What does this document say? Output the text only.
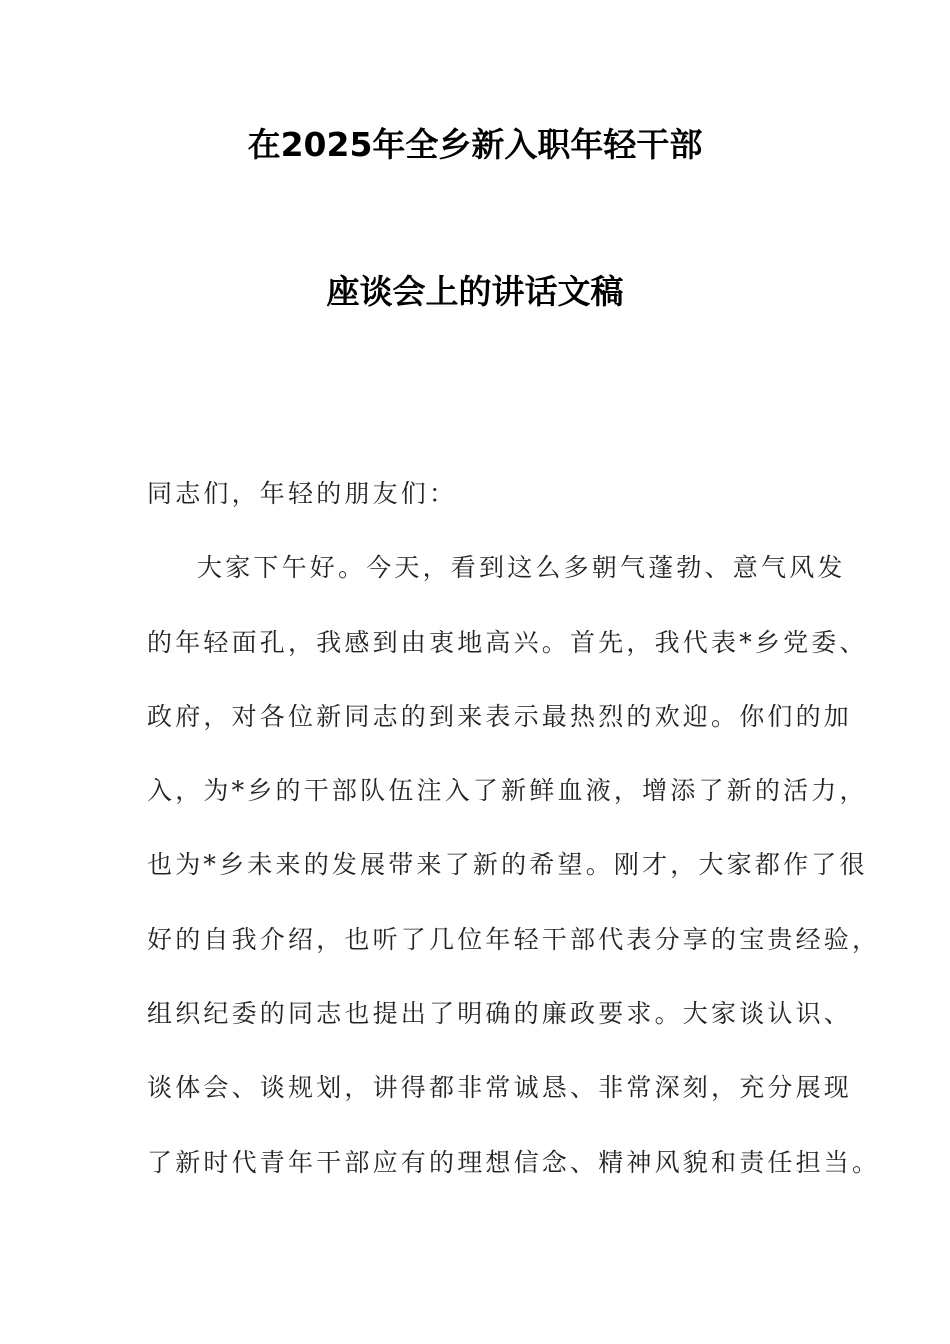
在2025年全乡新入职年轻干部
座谈会上的讲话文稿
同志们，年轻的朋友们：
大家下午好。今天，看到这么多朝气蓬勃、意气风发
的年轻面孔，我感到由衷地高兴。首先，我代表*乡党委、
政府，对各位新同志的到来表示最热烈的欢迎。你们的加
入，为*乡的干部队伍注入了新鲜血液，增添了新的活力，
也为*乡未来的发展带来了新的希望。刚才，大家都作了很
好的自我介绍，也听了几位年轻干部代表分享的宝贵经验，
组织纪委的同志也提出了明确的廉政要求。大家谈认识、
谈体会、谈规划，讲得都非常诚恳、非常深刻，充分展现
了新时代青年干部应有的理想信念、精神风貌和责任担当。
